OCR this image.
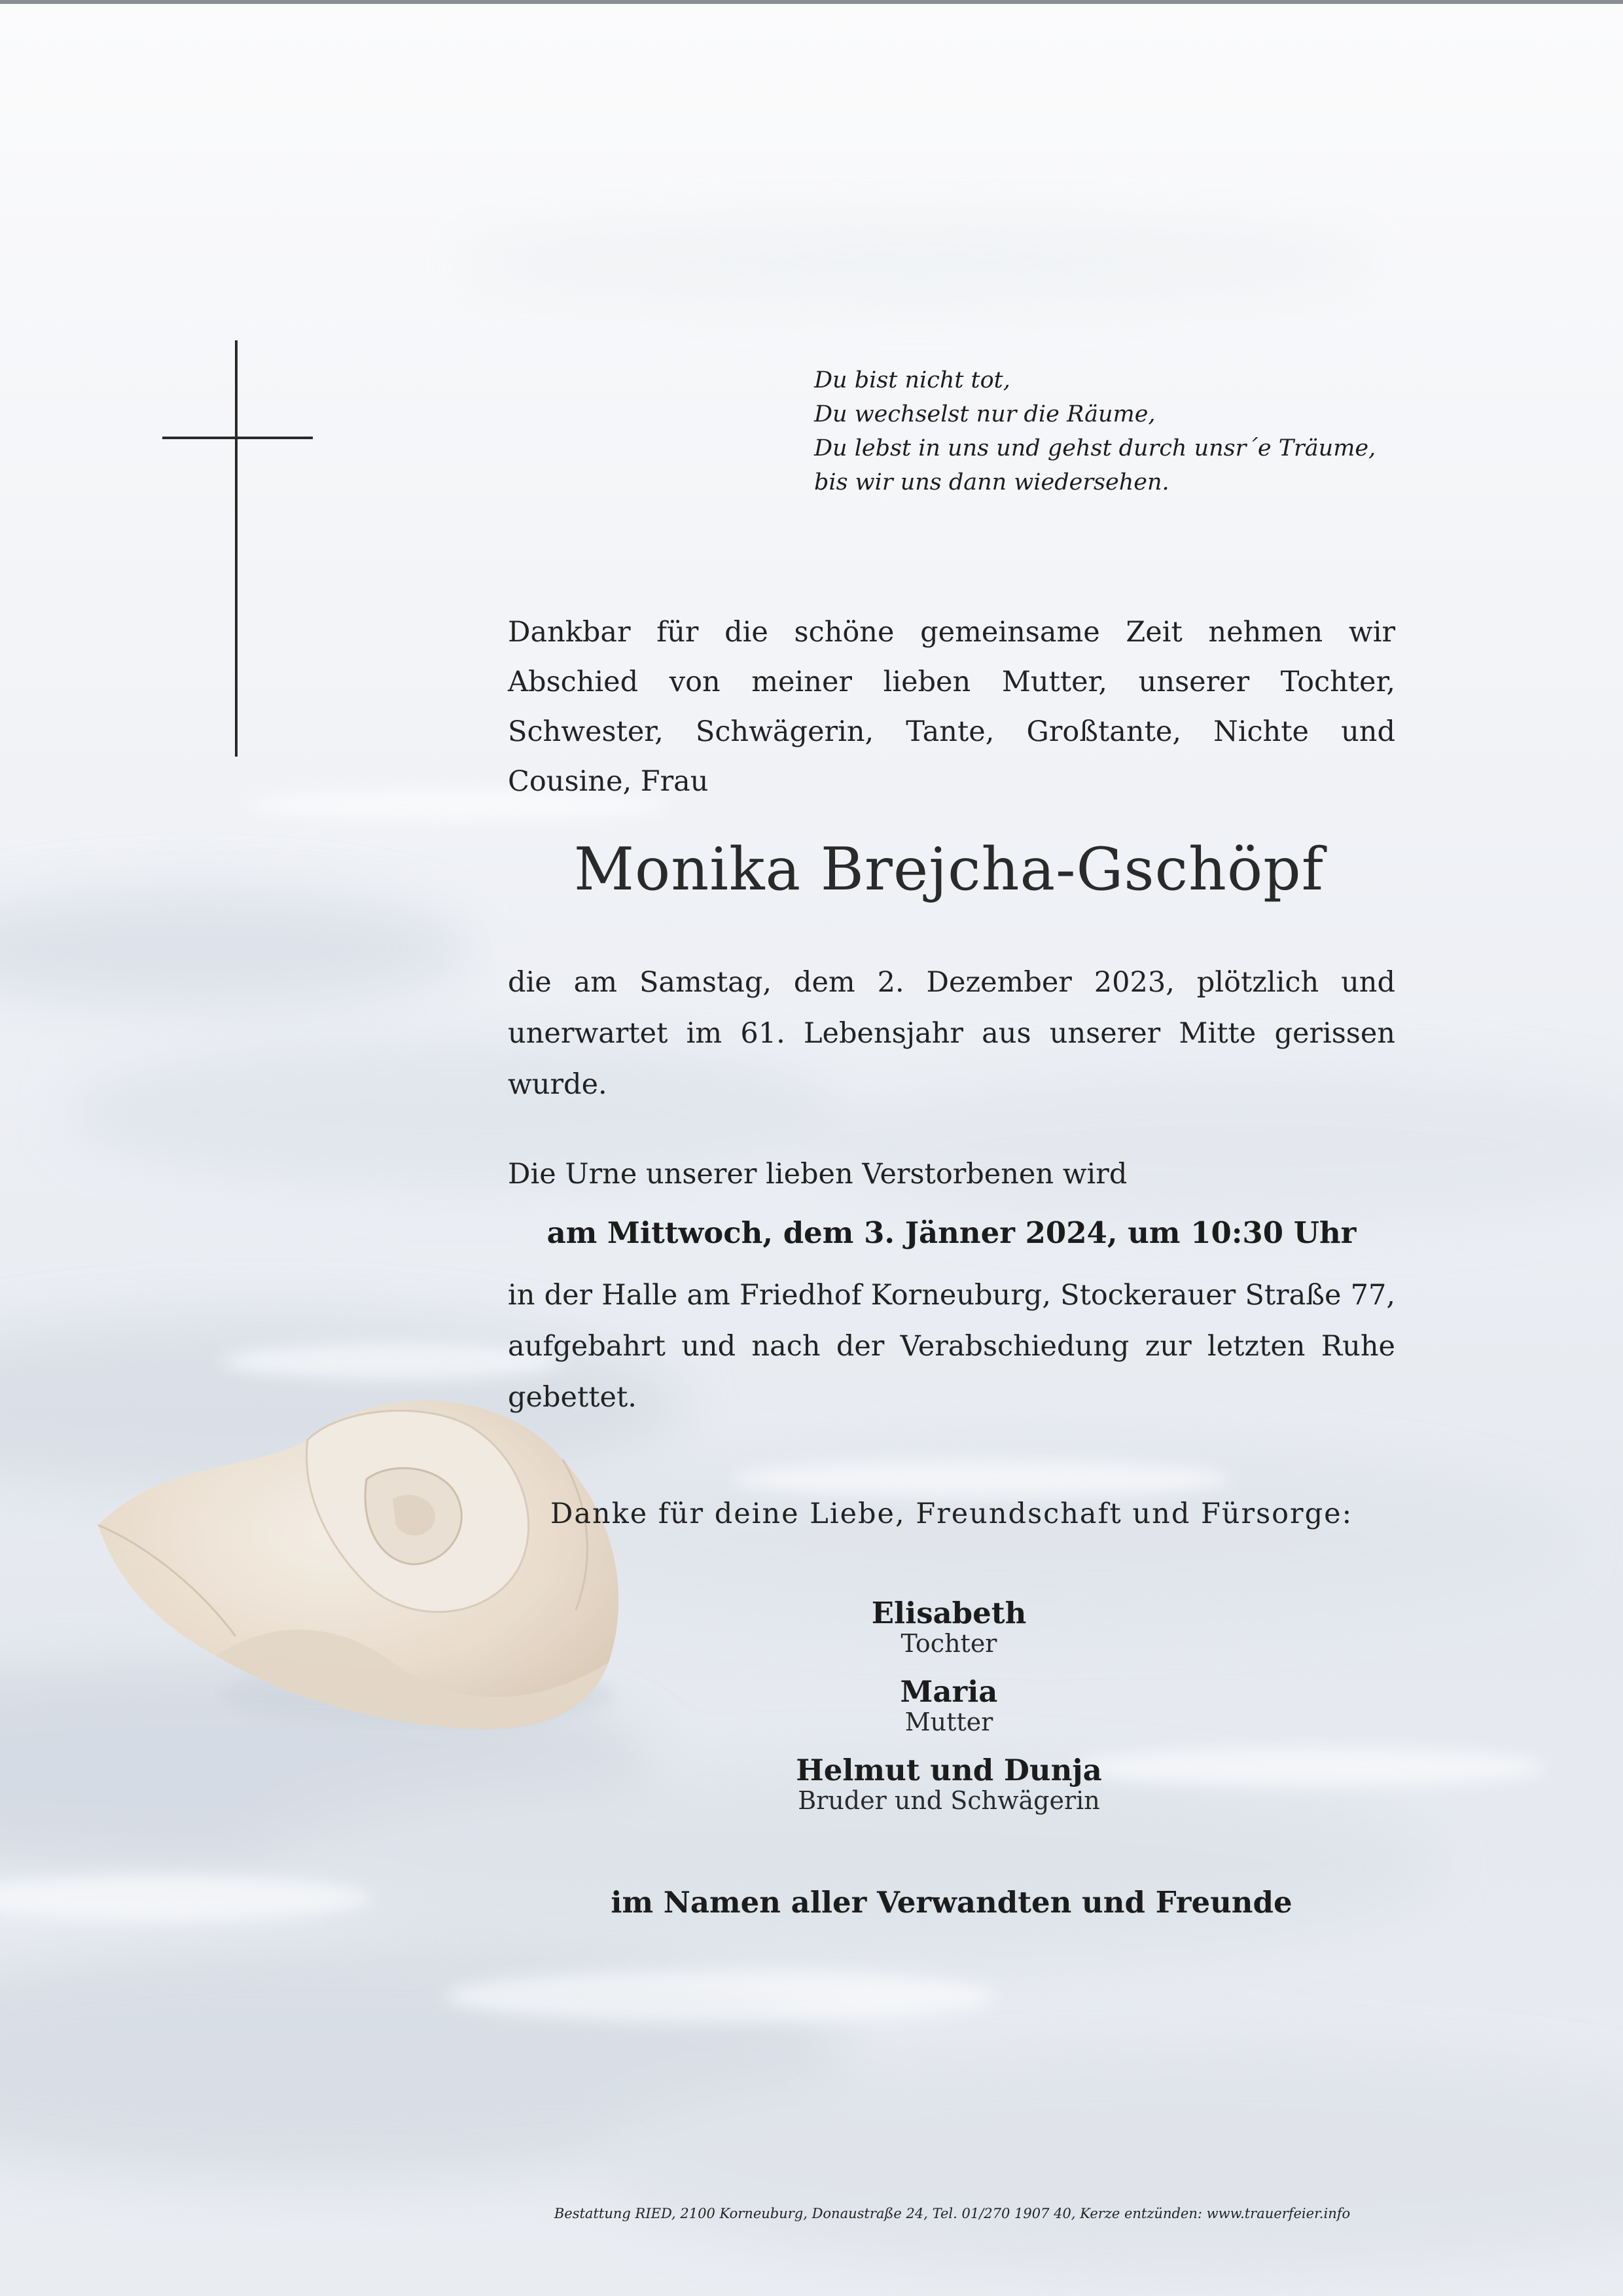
Du bist nicht tot,
Du wechselst nur die Räume,
Du lebst in uns und gehst durch unsr´e Träume,
bis wir uns dann wiedersehen.
Dankbar für die schöne gemeinsame Zeit nehmen wir Abschied von meiner lieben Mutter, unserer Tochter, Schwester, Schwägerin, Tante, Großtante, Nichte und Cousine, Frau
Monika Brejcha-Gschöpf
die am Samstag, dem 2. Dezember 2023, plötzlich und unerwartet im 61. Lebensjahr aus unserer Mitte gerissen wurde.
Die Urne unserer lieben Verstorbenen wird
am Mittwoch, dem 3. Jänner 2024, um 10:30 Uhr
in der Halle am Friedhof Korneuburg, Stockerauer Straße 77, aufgebahrt und nach der Verabschiedung zur letzten Ruhe gebettet.
Danke für deine Liebe, Freundschaft und Fürsorge:
Elisabeth
Tochter
Maria
Mutter
Helmut und Dunja
Bruder und Schwägerin
im Namen aller Verwandten und Freunde
Bestattung RIED, 2100 Korneuburg, Donaustraße 24, Tel. 01/270 1907 40, Kerze entzünden: www.trauerfeier.info
